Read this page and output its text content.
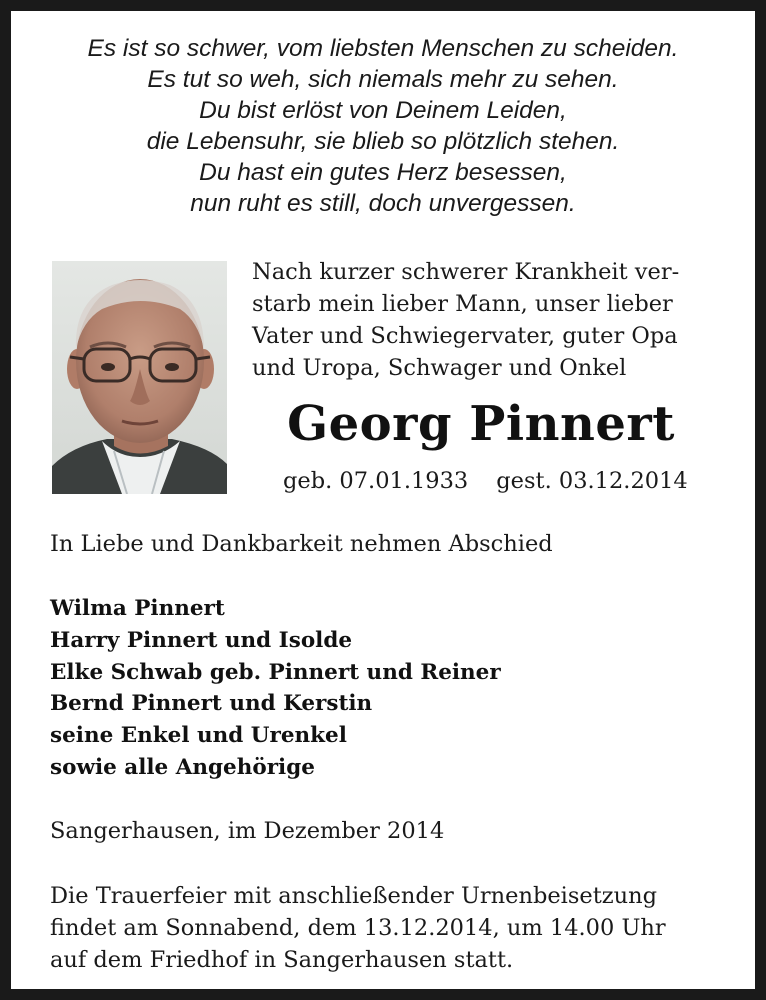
Es ist so schwer, vom liebsten Menschen zu scheiden.
Es tut so weh, sich niemals mehr zu sehen.
Du bist erlöst von Deinem Leiden,
die Lebensuhr, sie blieb so plötzlich stehen.
Du hast ein gutes Herz besessen,
nun ruht es still, doch unvergessen.
Nach kurzer schwerer Krankheit ver-
starb mein lieber Mann, unser lieber
Vater und Schwiegervater, guter Opa
und Uropa, Schwager und Onkel
Georg Pinnert
geb. 07.01.1933 gest. 03.12.2014
In Liebe und Dankbarkeit nehmen Abschied
Wilma Pinnert
Harry Pinnert und Isolde
Elke Schwab geb. Pinnert und Reiner
Bernd Pinnert und Kerstin
seine Enkel und Urenkel
sowie alle Angehörige
Sangerhausen, im Dezember 2014
Die Trauerfeier mit anschließender Urnenbeisetzung
findet am Sonnabend, dem 13.12.2014, um 14.00 Uhr
auf dem Friedhof in Sangerhausen statt.
